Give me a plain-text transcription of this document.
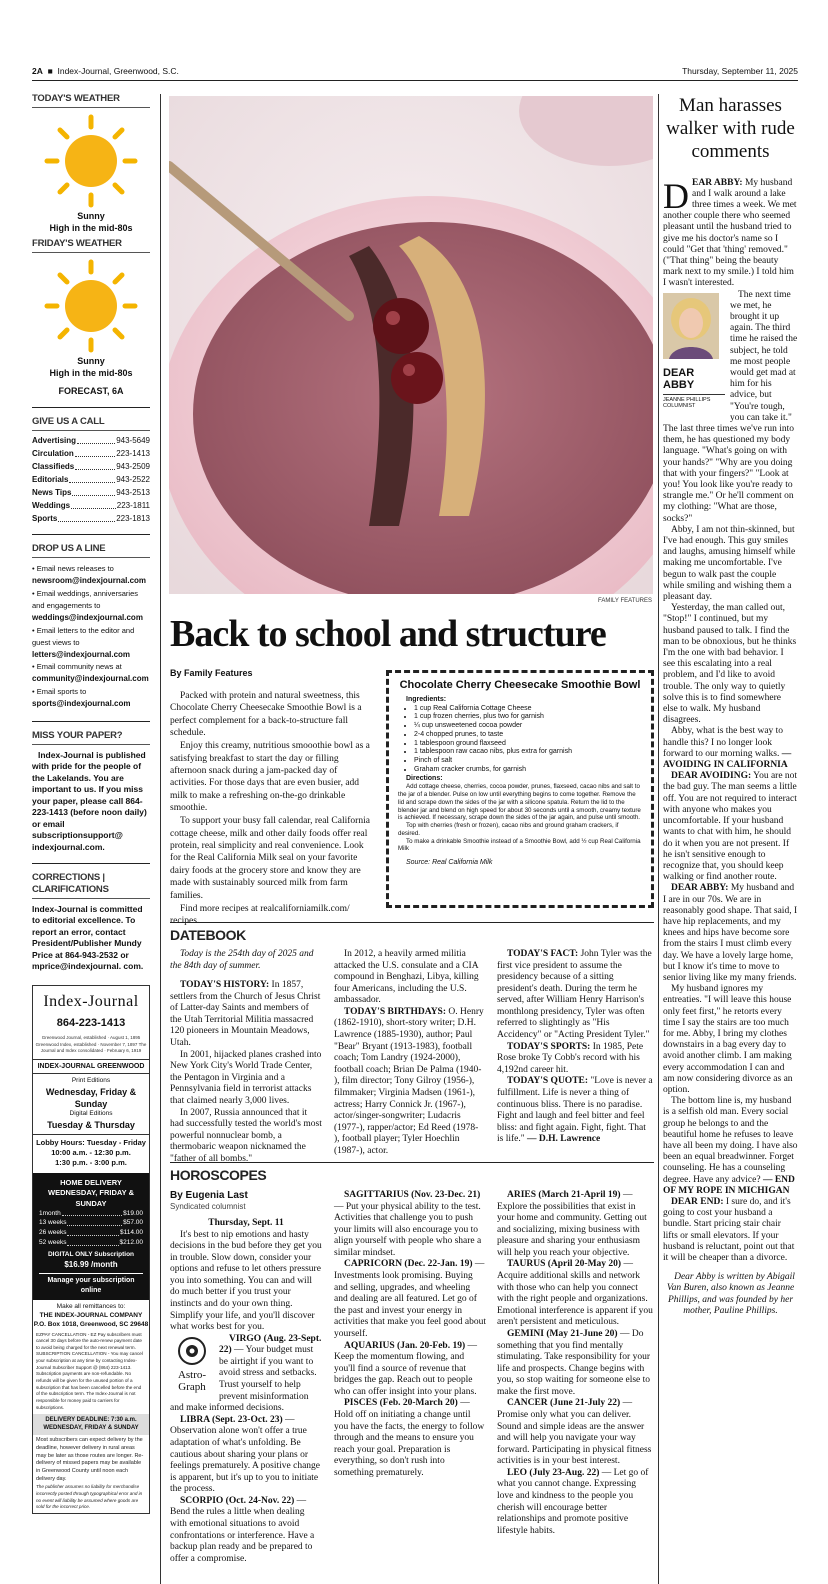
2A  ■  Index-Journal, Greenwood, S.C.	Thursday, September 11, 2025
TODAY'S WEATHER
Sunny
High in the mid-80s
FRIDAY'S WEATHER
Sunny
High in the mid-80s
FORECAST, 6A
GIVE US A CALL
Advertising	943-5649
Circulation	223-1413
Classifieds	943-2509
Editorials	943-2522
News Tips	943-2513
Weddings	223-1811
Sports	223-1813
DROP US A LINE
• Email news releases to
newsroom@indexjournal.com
• Email weddings, anniversaries and engagements to
weddings@indexjournal.com
• Email letters to the editor and guest views to letters@indexjournal.com
• Email community news at
community@indexjournal.com
• Email sports to
sports@indexjournal.com
MISS YOUR PAPER?
Index-Journal is published with pride for the people of the Lakelands. You are important to us. If you miss your paper, please call 864-223-1413 (before noon daily) or email subscriptionsupport@ indexjournal.com.
CORRECTIONS | CLARIFICATIONS
Index-Journal is committed to editorial excellence. To report an error, contact President/Publisher Mundy Price at 864-943-2532 or mprice@indexjournal. com.
Index-Journal
864-223-1413
Greenwood Journal, established · August 1, 1895 Greenwood Index, established · November 7, 1897 The Journal and Index consolidated · February 6, 1919
INDEX-JOURNAL GREENWOOD
Print Editions
Wednesday, Friday & Sunday
Digital Editions
Tuesday & Thursday
Lobby Hours: Tuesday - Friday
10:00 a.m. - 12:30 p.m.
1:30 p.m. - 3:00 p.m.
HOME DELIVERY WEDNESDAY, FRIDAY & SUNDAY
1month	$19.00
13 weeks	$57.00
26 weeks	$114.00
52 weeks	$212.00
DIGITAL ONLY Subscription
$16.99 /month
Manage your subscription online
Make all remittances to:
THE INDEX-JOURNAL COMPANY
P.O. Box 1018, Greenwood, SC 29648
EZPAY CANCELLATION - EZ Pay subscribers must cancel 30 days before the auto-renew payment date to avoid being charged for the next renewal term.
SUBSCRIPTION CANCELLATION - You may cancel your subscription at any time by contacting Index-Journal Subscriber Support @ (864) 223-1413. Subscription payments are non-refundable. No refunds will be given for the unused portion of a subscription that has been cancelled before the end of the subscription term. The Index-Journal is not responsible for money paid to carriers for subscriptions.
DELIVERY DEADLINE: 7:30 a.m. WEDNESDAY, FRIDAY & SUNDAY
Most subscribers can expect delivery by the deadline, however delivery in rural areas may be later as those routes are longer. Re-delivery of missed papers may be available in Greenwood County until noon each delivery day.
The publisher assumes no liability for merchandise incorrectly posted through typographical error and in no event will liability be assumed where goods are sold for the incorrect price.
FAMILY FEATURES
Back to school and structure
By Family Features

Packed with protein and natural sweetness, this Chocolate Cherry Cheesecake Smoothie Bowl is a perfect complement for a back-to-structure fall schedule.

Enjoy this creamy, nutritious smooothie bowl as a satisfying breakfast to start the day or filling afternoon snack during a jam-packed day of activities. For those days that are even busier, add milk to make a refreshing on-the-go drinkable smoothie.

To support your busy fall calendar, real California cottage cheese, milk and other daily foods offer real protein, real simplicity and real convenience. Look for the Real California Milk seal on your favorite dairy foods at the grocery store and know they are made with sustainably sourced milk from farm families.

Find more recipes at realcaliforniamilk.com/ recipes.

Chocolate Cherry Cheesecake Smoothie Bowl
Ingredients:
• 1 cup Real California Cottage Cheese
• 1 cup frozen cherries, plus two for garnish
• ¼ cup unsweetened cocoa powder
• 2-4 chopped prunes, to taste
• 1 tablespoon ground flaxseed
• 1 tablespoon raw cacao nibs, plus extra for garnish
• Pinch of salt
• Graham cracker crumbs, for garnish
Directions:
Add cottage cheese, cherries, cocoa powder, prunes, flaxseed, cacao nibs and salt to the jar of a blender. Pulse on low until everything begins to come together. Remove the lid and scrape down the sides of the jar with a silicone spatula. Return the lid to the blender jar and blend on high speed for about 30 seconds until a smooth, creamy texture is achieved. If necessary, scrape down the sides of the jar again, and pulse until smooth.
Top with cherries (fresh or frozen), cacao nibs and ground graham crackers, if desired.
To make a drinkable Smoothie instead of a Smoothie Bowl, add ½ cup Real California Milk
Source: Real California Milk
DATEBOOK

Today is the 254th day of 2025 and the 84th day of summer.

TODAY'S HISTORY: In 1857, settlers from the Church of Jesus Christ of Latter-day Saints and members of the Utah Territorial Militia massacred 120 pioneers in Mountain Meadows, Utah.

In 2001, hijacked planes crashed into New York City's World Trade Center, the Pentagon in Virginia and a Pennsylvania field in terrorist attacks that claimed nearly 3,000 lives.

In 2007, Russia announced that it had successfully tested the world's most powerful nonnuclear bomb, a thermobaric weapon nicknamed the "father of all bombs."

In 2012, a heavily armed militia attacked the U.S. consulate and a CIA compound in Benghazi, Libya, killing four Americans, including the U.S. ambassador.

TODAY'S BIRTHDAYS: O. Henry (1862-1910), short-story writer; D.H. Lawrence (1885-1930), author; Paul "Bear" Bryant (1913-1983), football coach; Tom Landry (1924-2000), football coach; Brian De Palma (1940- ), film director; Tony Gilroy (1956-), filmmaker; Virginia Madsen (1961-), actress; Harry Connick Jr. (1967-), actor/singer-songwriter; Ludacris (1977-), rapper/actor; Ed Reed (1978- ), football player; Tyler Hoechlin (1987-), actor.

TODAY'S FACT: John Tyler was the first vice president to assume the presidency because of a sitting president's death. During the term he served, after William Henry Harrison's monthlong presidency, Tyler was often referred to slightingly as "His Accidency" or "Acting President Tyler."

TODAY'S SPORTS: In 1985, Pete Rose broke Ty Cobb's record with his 4,192nd career hit.

TODAY'S QUOTE: "Love is never a fulfillment. Life is never a thing of continuous bliss. There is no paradise. Fight and laugh and feel bitter and feel bliss: and fight again. Fight, fight. That is life." — D.H. Lawrence

HOROSCOPES
By Eugenia Last
Syndicated columnist
Thursday, Sept. 11

It's best to nip emotions and hasty decisions in the bud before they get you in trouble. Slow down, consider your options and refuse to let others pressure you into something. You can and will do much better if you trust your instincts and do your own thing. Simplify your life, and you'll discover what works best for you.

Astro-
Graph

VIRGO (Aug. 23-Sept. 22) — Your budget must be airtight if you want to avoid stress and setbacks. Trust yourself to help prevent misinformation and make informed decisions.

LIBRA (Sept. 23-Oct. 23) — Observation alone won't offer a true adaptation of what's unfolding. Be cautious about sharing your plans or feelings prematurely. A positive change is apparent, but it's up to you to initiate the process.

SCORPIO (Oct. 24-Nov. 22) — Bend the rules a little when dealing with emotional situations to avoid confrontations or interference. Have a backup plan ready and be prepared to offer a compromise.

SAGITTARIUS (Nov. 23-Dec. 21) — Put your physical ability to the test. Activities that challenge you to push your limits will also encourage you to align yourself with people who share a similar mindset.

CAPRICORN (Dec. 22-Jan. 19) — Investments look promising. Buying and selling, upgrades, and wheeling and dealing are all featured. Let go of the past and invest your energy in activities that make you feel good about yourself.

AQUARIUS (Jan. 20-Feb. 19) — Keep the momentum flowing, and you'll find a source of revenue that bridges the gap. Reach out to people who can offer insight into your plans.

PISCES (Feb. 20-March 20) — Hold off on initiating a change until you have the facts, the energy to follow through and the means to ensure you reach your goal. Preparation is everything, so don't rush into something prematurely.

ARIES (March 21-April 19) — Explore the possibilities that exist in your home and community. Getting out and socializing, mixing business with pleasure and sharing your enthusiasm will help you reach your objective.

TAURUS (April 20-May 20) — Acquire additional skills and network with those who can help you connect with the right people and organizations. Emotional interference is apparent if you aren't persistent and meticulous.

GEMINI (May 21-June 20) — Do something that you find mentally stimulating. Take responsibility for your life and prospects. Change begins with you, so stop waiting for someone else to make the first move.

CANCER (June 21-July 22) — Promise only what you can deliver. Sound and simple ideas are the answer and will help you navigate your way forward. Participating in physical fitness activities is in your best interest.

LEO (July 23-Aug. 22) — Let go of what you cannot change. Expressing love and kindness to the people you cherish will encourage better relationships and promote positive lifestyle habits.

Man harasses walker with rude comments

DEAR ABBY: My husband and I walk around a lake three times a week. We met another couple there who seemed pleasant until the husband tried to give me his doctor's name so I could "Get that 'thing' removed." ("That thing" being the beauty mark next to my smile.) I told him I wasn't interested.

DEAR ABBY
JEANNE PHILLIPS COLUMNIST

The next time we met, he brought it up again. The third time he raised the subject, he told me most people would get mad at him for his advice, but "You're tough, you can take it." The last three times we've run into them, he has questioned my body language. "What's going on with your hands?" "Why are you doing that with your fingers?" "Look at you! You look like you're ready to strangle me." Or he'll comment on my clothing: "What are those, socks?"

Abby, I am not thin-skinned, but I've had enough. This guy smiles and laughs, amusing himself while making me uncomfortable. I've begun to walk past the couple while smiling and wishing them a pleasant day.

Yesterday, the man called out, "Stop!" I continued, but my husband paused to talk. I find the man to be obnoxious, but he thinks I'm the one with bad behavior. I see this escalating into a real problem, and I'd like to avoid trouble. The only way to quietly solve this is to find somewhere else to walk. My husband disagrees.

Abby, what is the best way to handle this? I no longer look forward to our morning walks. — AVOIDING IN CALIFORNIA

DEAR AVOIDING: You are not the bad guy. The man seems a little off. You are not required to interact with anyone who makes you uncomfortable. If your husband wants to chat with him, he should do it when you are not present. If he isn't sensitive enough to recognize that, you should keep walking or find another route.

DEAR ABBY: My husband and I are in our 70s. We are in reasonably good shape. That said, I have hip replacements, and my knees and hips have become sore from the stairs I must climb every day. We have a lovely large home, but I know it's time to move to senior living like my many friends.

My husband ignores my entreaties. "I will leave this house only feet first," he retorts every time I say the stairs are too much for me. Abby, I bring my clothes downstairs in a bag every day to avoid another climb. I am making every accommodation I can and am now considering divorce as an option.

The bottom line is, my husband is a selfish old man. Every social group he belongs to and the beautiful home he refuses to leave have all been my doing. I have also been an equal breadwinner. Forget counseling. He has a counseling degree. Have any advice? — END OF MY ROPE IN MICHIGAN

DEAR END: I sure do, and it's going to cost your husband a bundle. Start pricing stair chair lifts or small elevators. If your husband is reluctant, point out that it will be cheaper than a divorce.

Dear Abby is written by Abigail Van Buren, also known as Jeanne Phillips, and was founded by her mother, Pauline Phillips.
